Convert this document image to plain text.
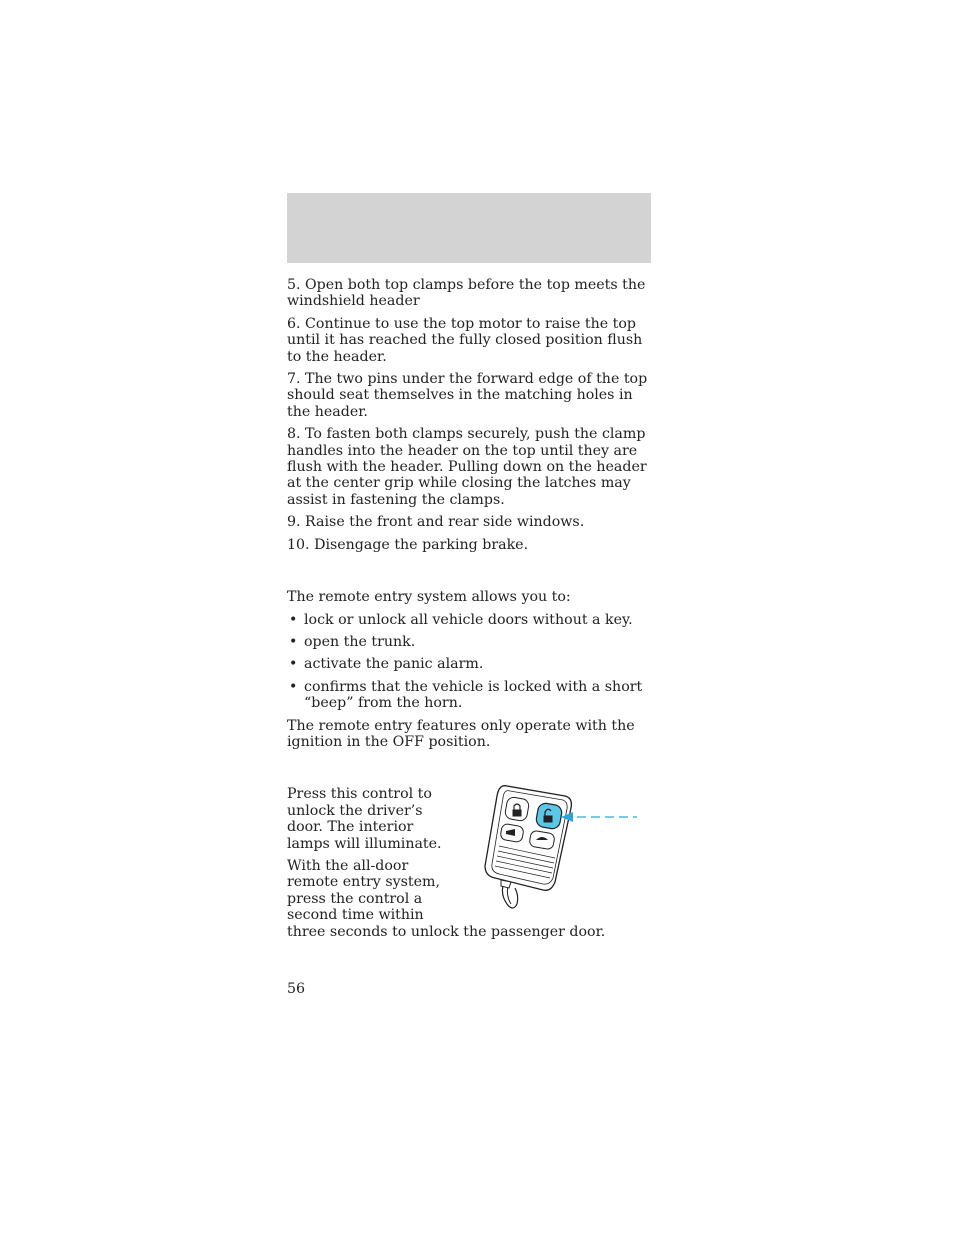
5. Open both top clamps before the top meets the windshield header

6. Continue to use the top motor to raise the top until it has reached the fully closed position flush to the header.

7. The two pins under the forward edge of the top should seat themselves in the matching holes in the header.

8. To fasten both clamps securely, push the clamp handles into the header on the top until they are flush with the header. Pulling down on the header at the center grip while closing the latches may assist in fastening the clamps.

9. Raise the front and rear side windows.

10. Disengage the parking brake.

The remote entry system allows you to:

• lock or unlock all vehicle doors without a key.
• open the trunk.
• activate the panic alarm.
• confirms that the vehicle is locked with a short “beep” from the horn.

The remote entry features only operate with the ignition in the OFF position.

Press this control to unlock the driver’s door. The interior lamps will illuminate.

With the all-door remote entry system, press the control a second time within

three seconds to unlock the passenger door.

56
